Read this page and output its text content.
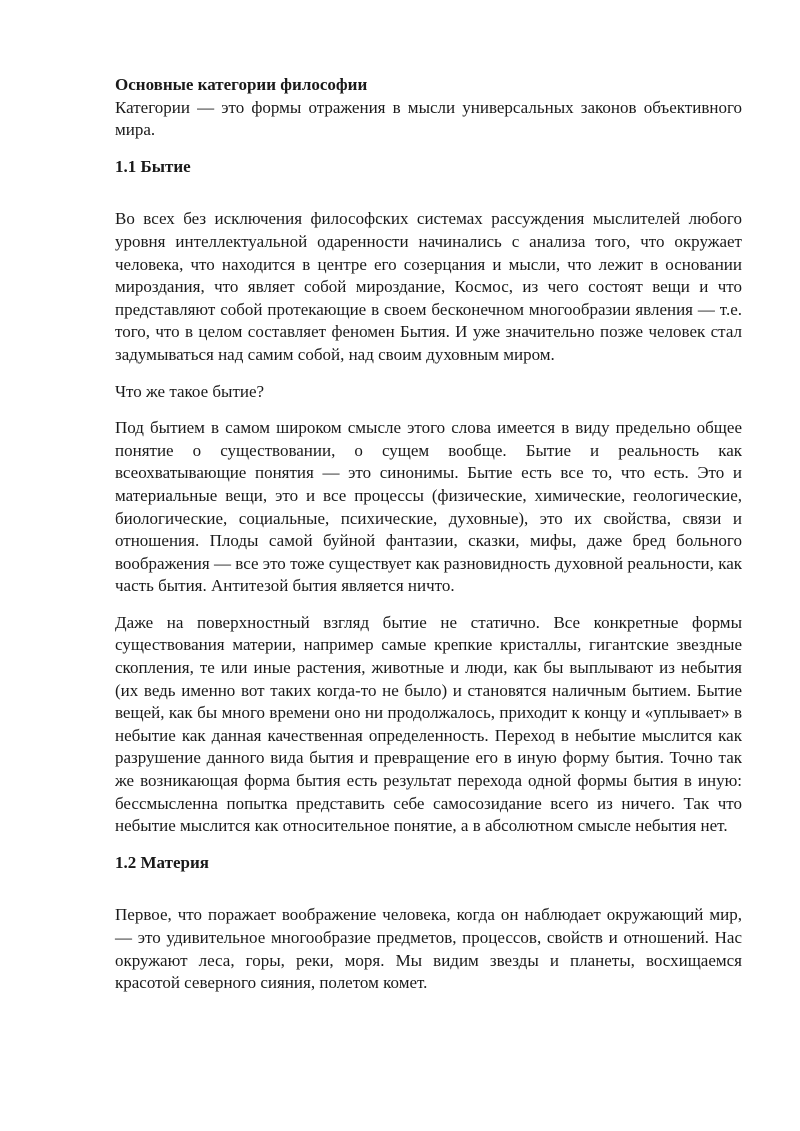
Основные категории философии

Категории — это формы отражения в мысли универсальных законов объективного мира.

1.1 Бытие

Во всех без исключения философских системах рассуждения мыслителей любого уровня интеллектуальной одаренности начинались с анализа того, что окружает человека, что находится в центре его созерцания и мысли, что лежит в основании мироздания, что являет собой мироздание, Космос, из чего состоят вещи и что представляют собой протекающие в своем бесконечном многообразии явления — т.е. того, что в целом составляет феномен Бытия. И уже значительно позже человек стал задумываться над самим собой, над своим духовным миром.

Что же такое бытие?

Под бытием в самом широком смысле этого слова имеется в виду предельно общее понятие о существовании, о сущем вообще. Бытие и реальность как всеохватывающие понятия — это синонимы. Бытие есть все то, что есть. Это и материальные вещи, это и все процессы (физические, химические, геологические, биологические, социальные, психические, духовные), это их свойства, связи и отношения. Плоды самой буйной фантазии, сказки, мифы, даже бред больного воображения — все это тоже существует как разновидность духовной реальности, как часть бытия. Антитезой бытия является ничто.

Даже на поверхностный взгляд бытие не статично. Все конкретные формы существования материи, например самые крепкие кристаллы, гигантские звездные скопления, те или иные растения, животные и люди, как бы выплывают из небытия (их ведь именно вот таких когда-то не было) и становятся наличным бытием. Бытие вещей, как бы много времени оно ни продолжалось, приходит к концу и «уплывает» в небытие как данная качественная определенность. Переход в небытие мыслится как разрушение данного вида бытия и превращение его в иную форму бытия. Точно так же возникающая форма бытия есть результат перехода одной формы бытия в иную: бессмысленна попытка представить себе самосозидание всего из ничего. Так что небытие мыслится как относительное понятие, а в абсолютном смысле небытия нет.

1.2 Материя

Первое, что поражает воображение человека, когда он наблюдает окружающий мир, — это удивительное многообразие предметов, процессов, свойств и отношений. Нас окружают леса, горы, реки, моря. Мы видим звезды и планеты, восхищаемся красотой северного сияния, полетом комет.
